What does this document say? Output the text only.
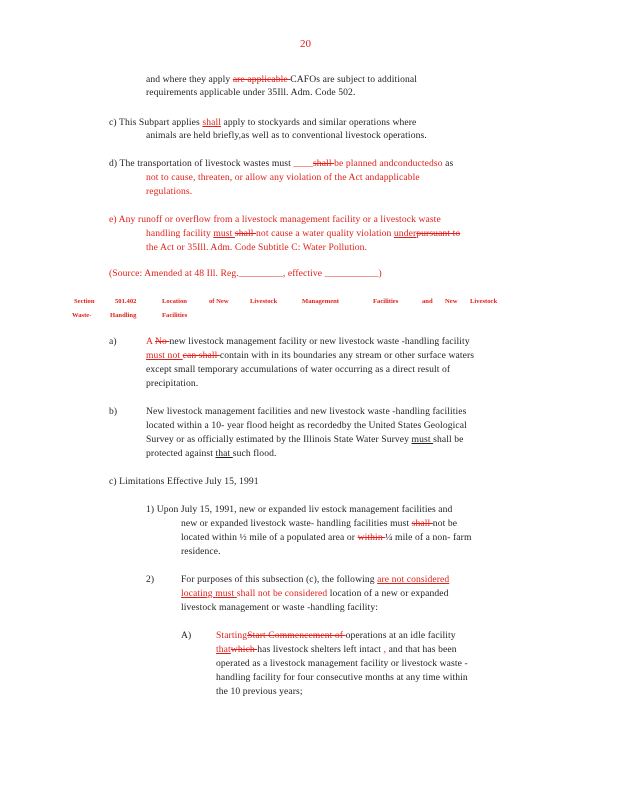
20
and where they apply are applicable CAFOs are subject to additional
requirements applicable under 35Ill. Adm. Code 502.
c) This Subpart applies shall apply to stockyards and similar operations where
animals are held briefly,as well as to conventional livestock operations.
d) The transportation of livestock wastes must ____shall be planned andconductedso as
not to cause, threaten, or allow any violation of the Act andapplicable
regulations.
e) Any runoff or overflow from a livestock management facility or a livestock waste
handling facility must shall not cause a water quality violation underpursuant to
the Act or 35Ill. Adm. Code Subtitle C: Water Pollution.
(Source: Amended at 48 Ill. Reg._________, effective ___________)
Section	501.402	Location	of New	Livestock	Management	Facilities	and New Livestock
Waste-	Handling	Facilities
a)	A No new livestock management facility or new livestock waste -handling facility
must not can shall contain with in its boundaries any stream or other surface waters
except small temporary accumulations of water occurring as a direct result of
precipitation.
b)	New livestock management facilities and new livestock waste -handling facilities
located within a 10- year flood height as recordedby the United States Geological
Survey or as officially estimated by the Illinois State Water Survey must shall be
protected against that such flood.
c) Limitations Effective July 15, 1991
1) Upon July 15, 1991, new or expanded liv estock management facilities and
new or expanded livestock waste- handling facilities must shall not be
located within ½ mile of a populated area or within ¼ mile of a non- farm
residence.
2)	For purposes of this subsection (c), the following are not considered
locating must shall not be considered location of a new or expanded
livestock management or waste -handling facility:
A)	StartingStart Commencement of operations at an idle facility
thatwhich has livestock shelters left intact , and that has been
operated as a livestock management facility or livestock waste -
handling facility for four consecutive months at any time within
the 10 previous years;
